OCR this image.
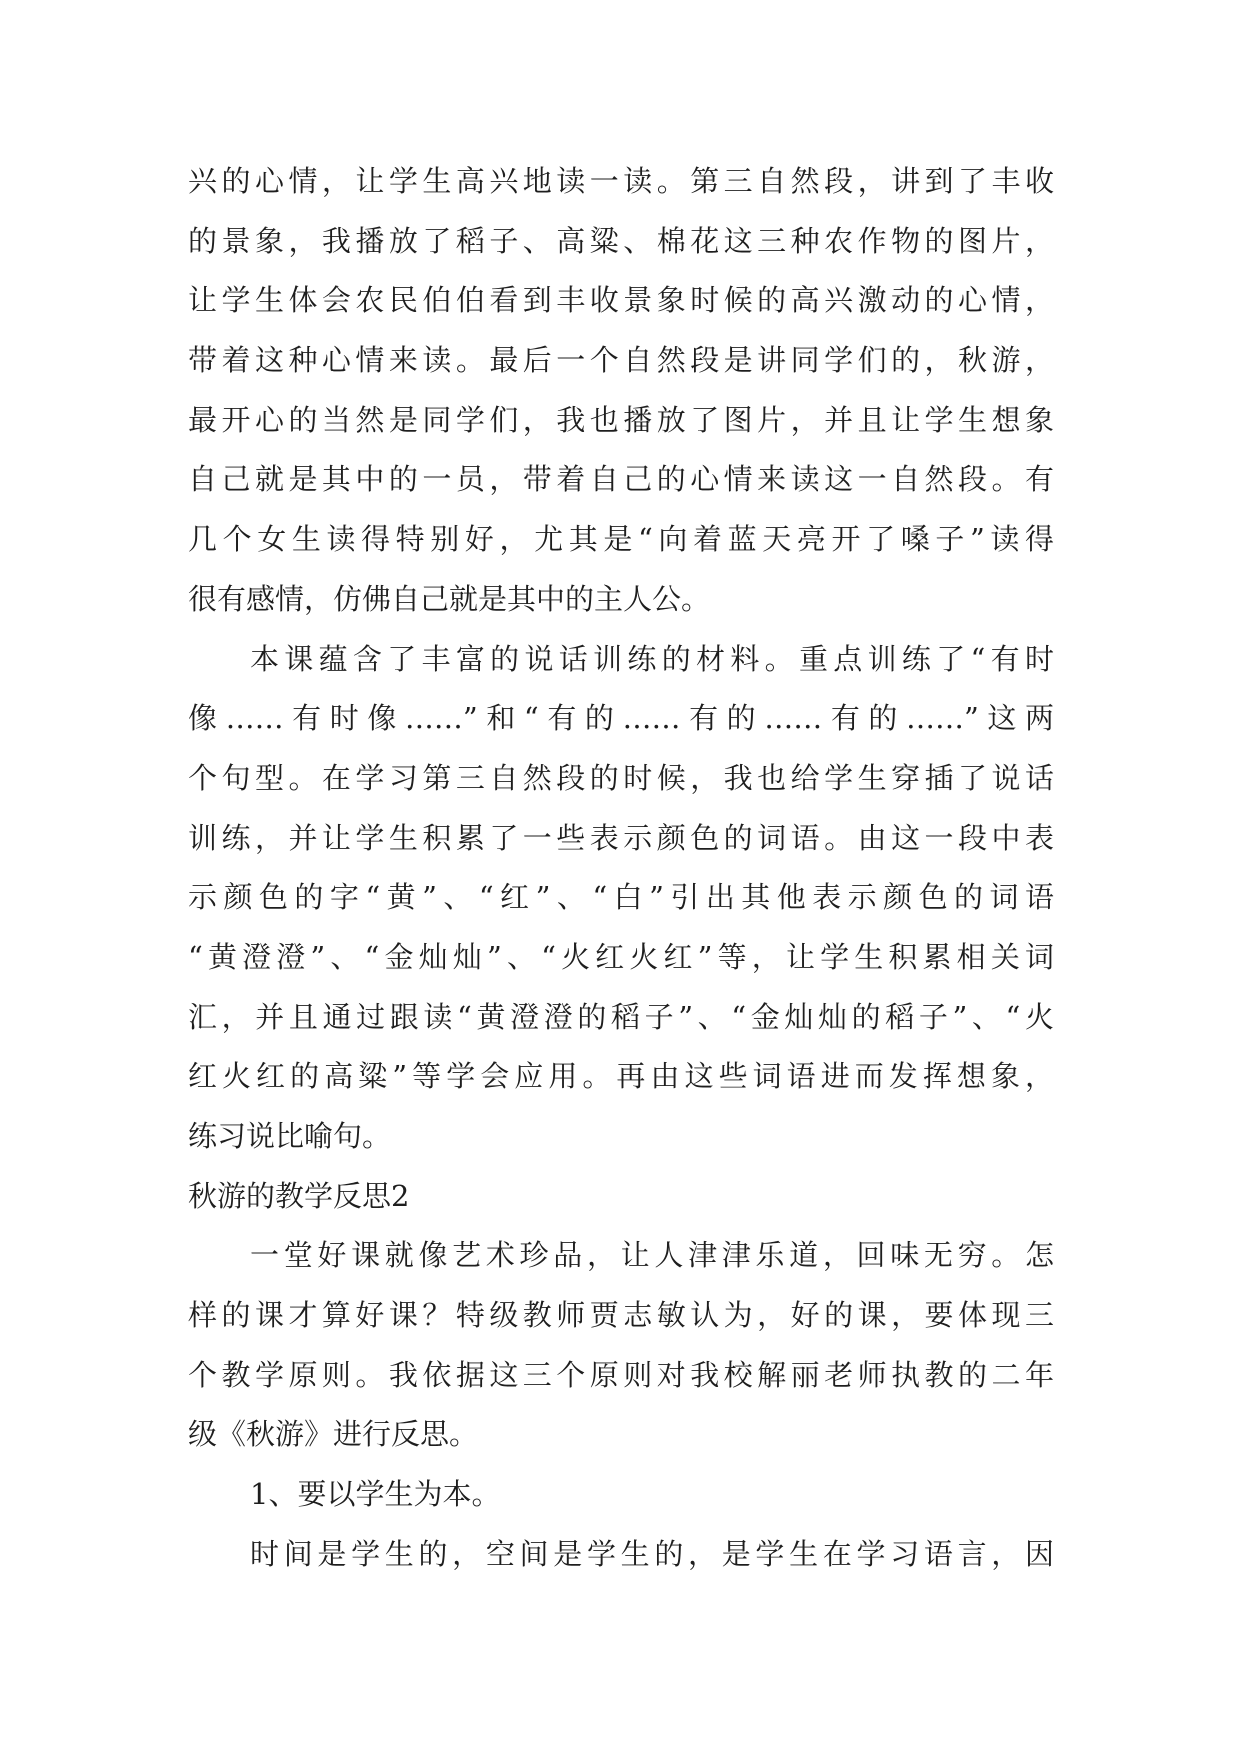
兴的心情，让学生高兴地读一读。第三自然段，讲到了丰收
的景象，我播放了稻子、高粱、棉花这三种农作物的图片，
让学生体会农民伯伯看到丰收景象时候的高兴激动的心情，
带着这种心情来读。最后一个自然段是讲同学们的，秋游，
最开心的当然是同学们，我也播放了图片，并且让学生想象
自己就是其中的一员，带着自己的心情来读这一自然段。有
几个女生读得特别好，尤其是“向着蓝天亮开了嗓子”读得
很有感情，仿佛自己就是其中的主人公。
本课蕴含了丰富的说话训练的材料。重点训练了“有时
像……有时像……”和“有的……有的……有的……”这两
个句型。在学习第三自然段的时候，我也给学生穿插了说话
训练，并让学生积累了一些表示颜色的词语。由这一段中表
示颜色的字“黄”、“红”、“白”引出其他表示颜色的词语
“黄澄澄”、“金灿灿”、“火红火红”等，让学生积累相关词
汇，并且通过跟读“黄澄澄的稻子”、“金灿灿的稻子”、“火
红火红的高粱”等学会应用。再由这些词语进而发挥想象，
练习说比喻句。
秋游的教学反思2
一堂好课就像艺术珍品，让人津津乐道，回味无穷。怎
样的课才算好课？特级教师贾志敏认为，好的课，要体现三
个教学原则。我依据这三个原则对我校解丽老师执教的二年
级《秋游》进行反思。
1、要以学生为本。
时间是学生的，空间是学生的，是学生在学习语言，因
